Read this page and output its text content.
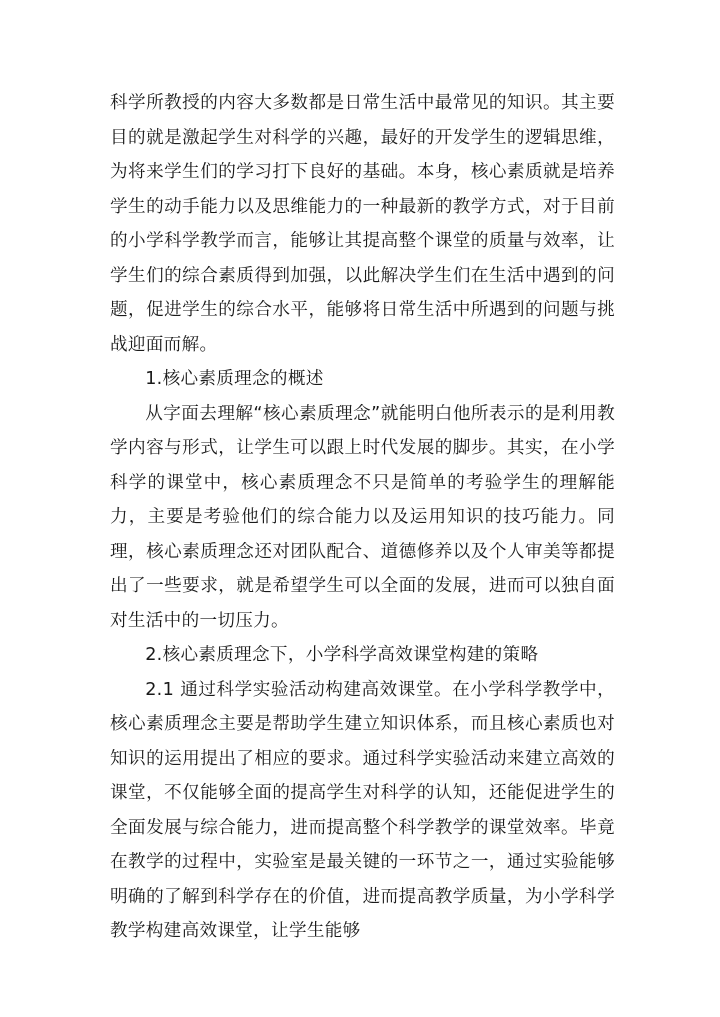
科学所教授的内容大多数都是日常生活中最常见的知识。其主要目的就是激起学生对科学的兴趣，最好的开发学生的逻辑思维，为将来学生们的学习打下良好的基础。本身，核心素质就是培养学生的动手能力以及思维能力的一种最新的教学方式，对于目前的小学科学教学而言，能够让其提高整个课堂的质量与效率，让学生们的综合素质得到加强，以此解决学生们在生活中遇到的问题，促进学生的综合水平，能够将日常生活中所遇到的问题与挑战迎面而解。

1.核心素质理念的概述

从字面去理解“核心素质理念”就能明白他所表示的是利用教学内容与形式，让学生可以跟上时代发展的脚步。其实，在小学科学的课堂中，核心素质理念不只是简单的考验学生的理解能力，主要是考验他们的综合能力以及运用知识的技巧能力。同理，核心素质理念还对团队配合、道德修养以及个人审美等都提出了一些要求，就是希望学生可以全面的发展，进而可以独自面对生活中的一切压力。

2.核心素质理念下，小学科学高效课堂构建的策略

2.1 通过科学实验活动构建高效课堂。在小学科学教学中，核心素质理念主要是帮助学生建立知识体系，而且核心素质也对知识的运用提出了相应的要求。通过科学实验活动来建立高效的课堂，不仅能够全面的提高学生对科学的认知，还能促进学生的全面发展与综合能力，进而提高整个科学教学的课堂效率。毕竟在教学的过程中，实验室是最关键的一环节之一，通过实验能够明确的了解到科学存在的价值，进而提高教学质量，为小学科学教学构建高效课堂，让学生能够
